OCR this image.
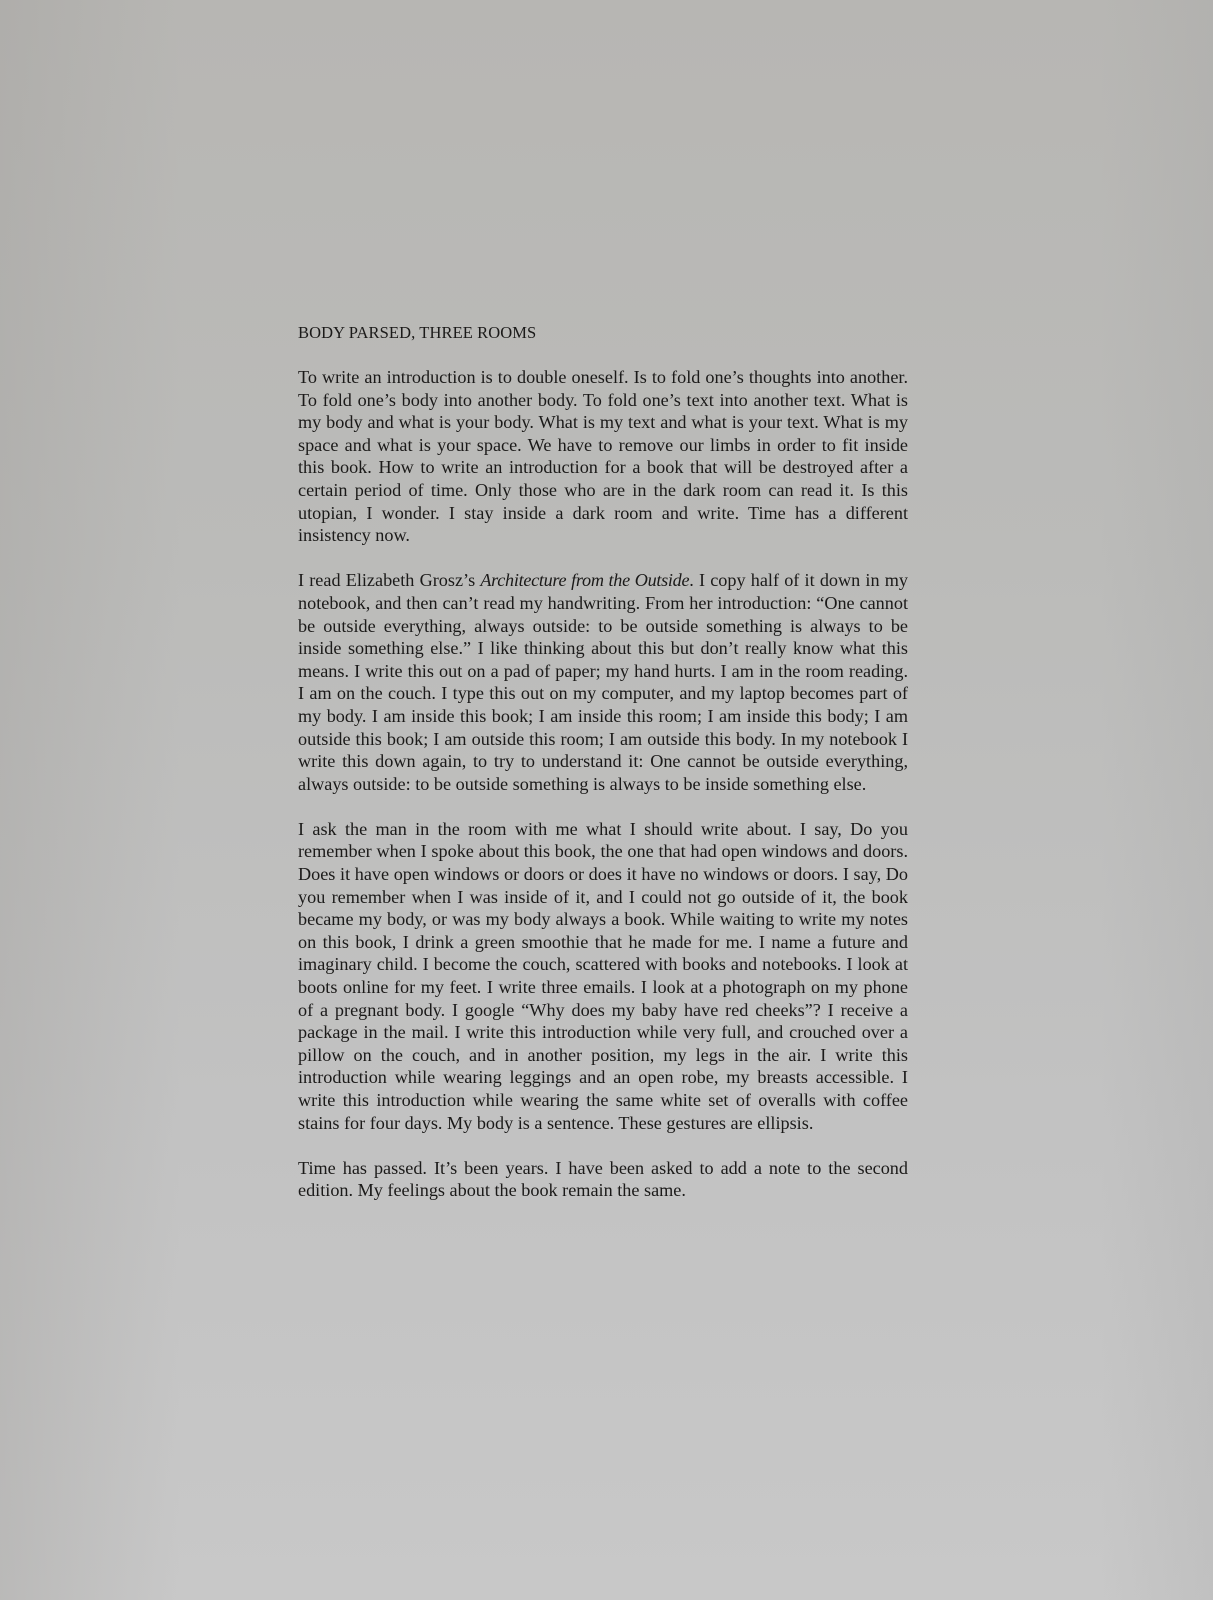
BODY PARSED, THREE ROOMS

To write an introduction is to double oneself. Is to fold one’s thoughts into another. To fold one’s body into another body. To fold one’s text into another text. What is my body and what is your body. What is my text and what is your text. What is my space and what is your space. We have to remove our limbs in order to fit inside this book. How to write an introduction for a book that will be destroyed after a certain period of time. Only those who are in the dark room can read it. Is this utopian, I wonder. I stay inside a dark room and write. Time has a different insistency now.

I read Elizabeth Grosz’s Architecture from the Outside. I copy half of it down in my notebook, and then can’t read my handwriting. From her introduction: “One cannot be outside everything, always outside: to be outside something is always to be inside something else.” I like thinking about this but don’t really know what this means. I write this out on a pad of paper; my hand hurts. I am in the room reading. I am on the couch. I type this out on my computer, and my laptop becomes part of my body. I am inside this book; I am inside this room; I am inside this body; I am outside this book; I am outside this room; I am outside this body. In my notebook I write this down again, to try to understand it: One cannot be outside everything, always outside: to be outside something is always to be inside something else.

I ask the man in the room with me what I should write about. I say, Do you remember when I spoke about this book, the one that had open windows and doors. Does it have open windows or doors or does it have no windows or doors. I say, Do you remember when I was inside of it, and I could not go outside of it, the book became my body, or was my body always a book. While waiting to write my notes on this book, I drink a green smoothie that he made for me. I name a future and imaginary child. I become the couch, scattered with books and notebooks. I look at boots online for my feet. I write three emails. I look at a photograph on my phone of a pregnant body. I google “Why does my baby have red cheeks”? I receive a package in the mail. I write this introduction while very full, and crouched over a pillow on the couch, and in another position, my legs in the air. I write this introduction while wearing leggings and an open robe, my breasts accessible. I write this introduction while wearing the same white set of overalls with coffee stains for four days. My body is a sentence. These gestures are ellipsis.

Time has passed. It’s been years. I have been asked to add a note to the second edition. My feelings about the book remain the same.
